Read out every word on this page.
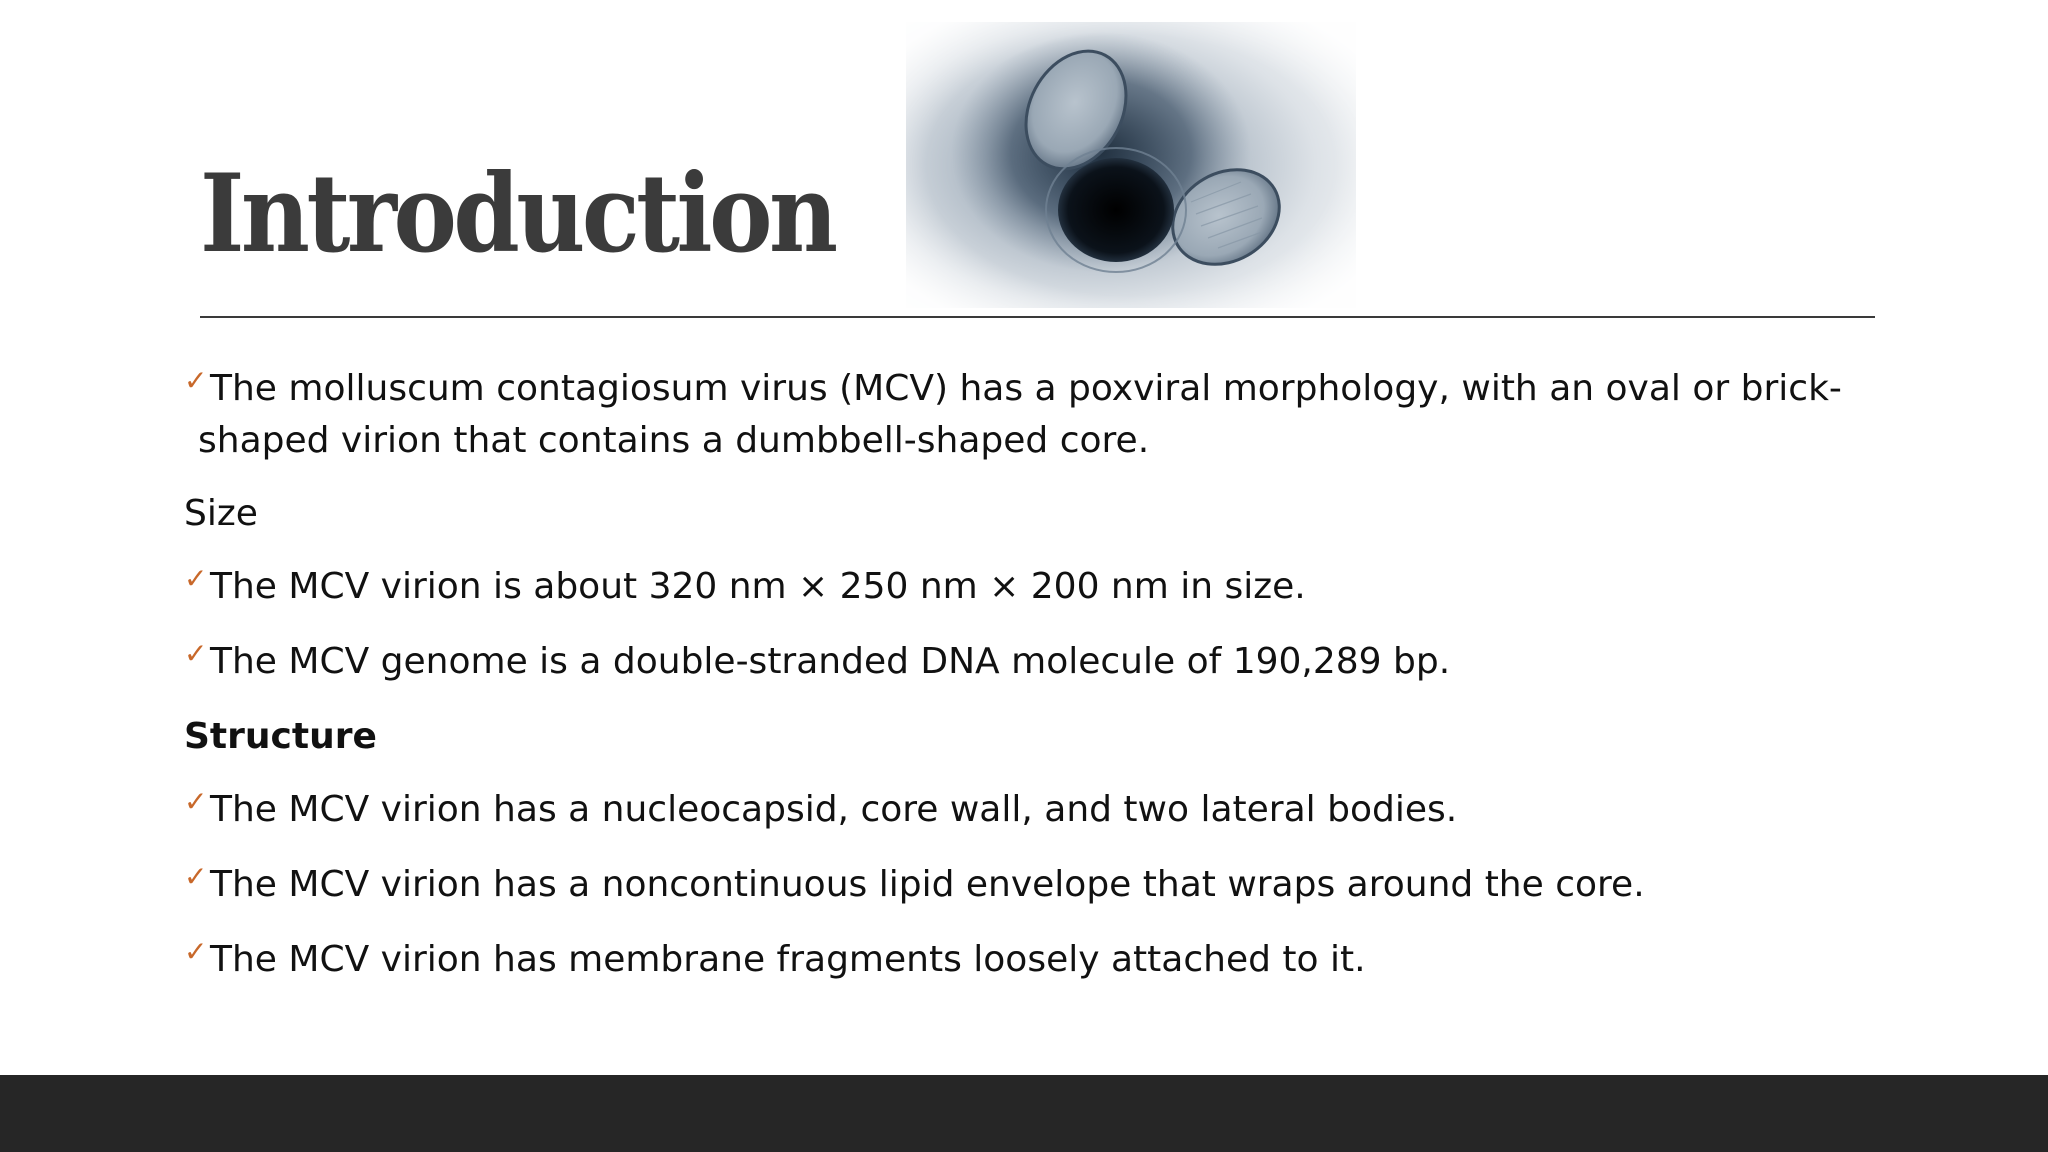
Introduction
✓The molluscum contagiosum virus (MCV) has a poxviral morphology, with an oval or brick-
shaped virion that contains a dumbbell-shaped core.
Size
✓The MCV virion is about 320 nm × 250 nm × 200 nm in size.
✓The MCV genome is a double-stranded DNA molecule of 190,289 bp.
Structure
✓The MCV virion has a nucleocapsid, core wall, and two lateral bodies.
✓The MCV virion has a noncontinuous lipid envelope that wraps around the core.
✓The MCV virion has membrane fragments loosely attached to it.
